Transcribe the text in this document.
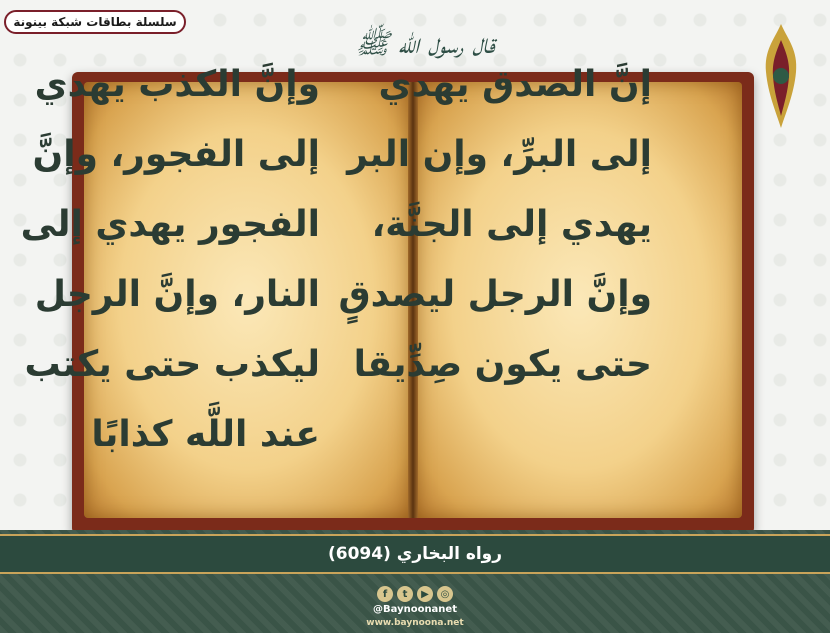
سلسلة بطاقات شبكة بينونة
قال رسول الله ﷺ
إنَّ الصدق يهدي
إلى البرِّ، وإن البر
يهدي إلى الجنَّة،
وإنَّ الرجل ليصدقٍ
حتى يكون صِدِّيقا
وإنَّ الكذب يهدي
إلى الفجور، وإنَّ
الفجور يهدي إلى
النار، وإنَّ الرجل
ليكذب حتى يكتب
عند اللَّه كذابًا
رواه البخاري (6094)
f	t	▶	◎
@Baynoonanet
www.baynoona.net
